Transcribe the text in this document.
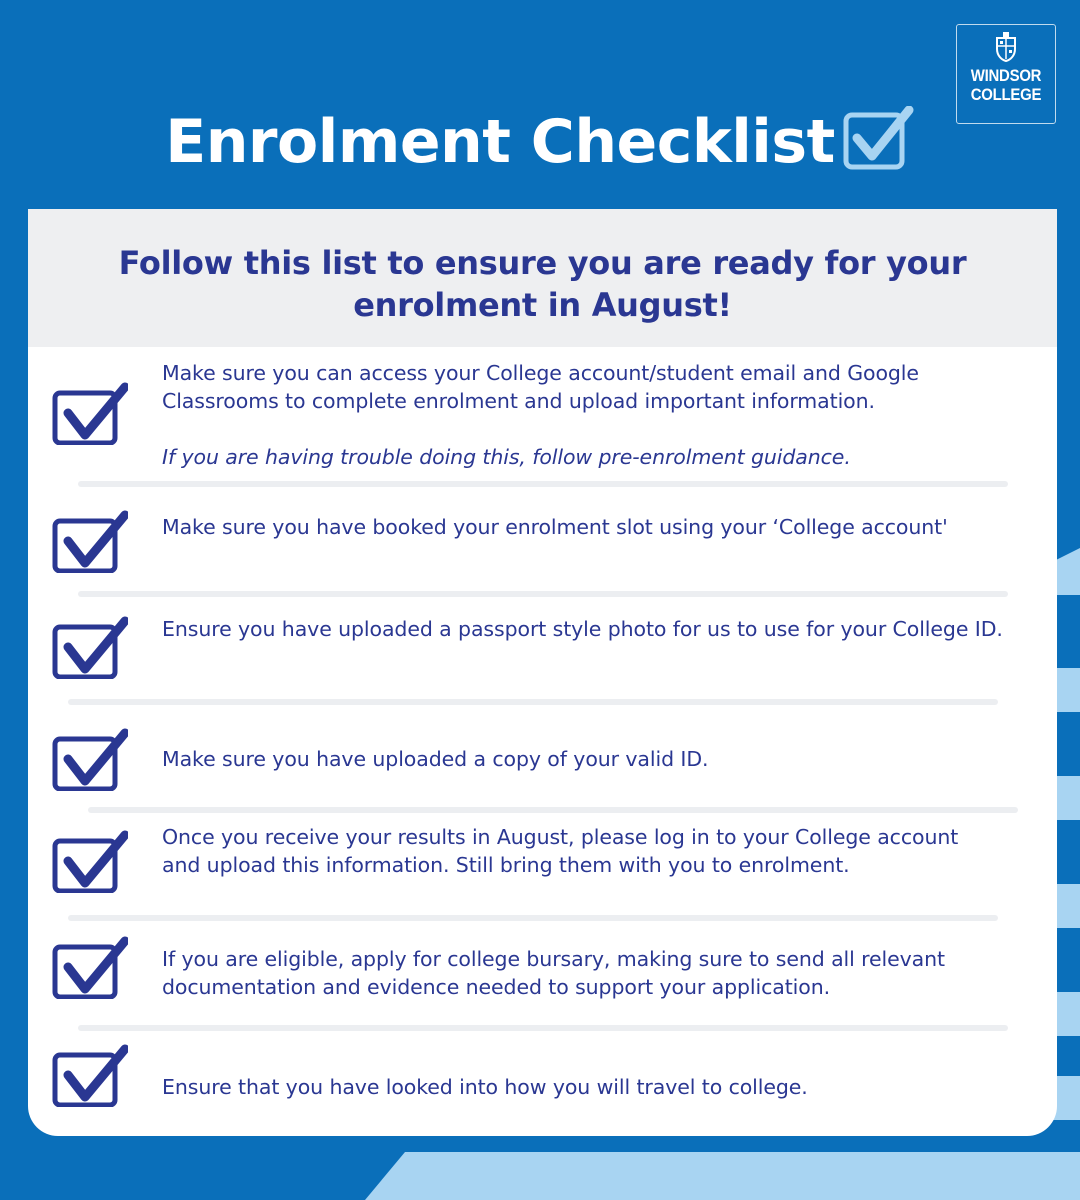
WINDSOR
COLLEGE
Enrolment Checklist
Follow this list to ensure you are ready for your enrolment in August!
Make sure you can access your College account/student email and Google Classrooms to complete enrolment and upload important information.
If you are having trouble doing this, follow pre-enrolment guidance.
Make sure you have booked your enrolment slot using your ‘College account'
Ensure you have uploaded a passport style photo for us to use for your College ID.
Make sure you have uploaded a copy of your valid ID.
Once you receive your results in August, please log in to your College account and upload this information. Still bring them with you to enrolment.
If you are eligible, apply for college bursary, making sure to send all relevant documentation and evidence needed to support your application.
Ensure that you have looked into how you will travel to college.
